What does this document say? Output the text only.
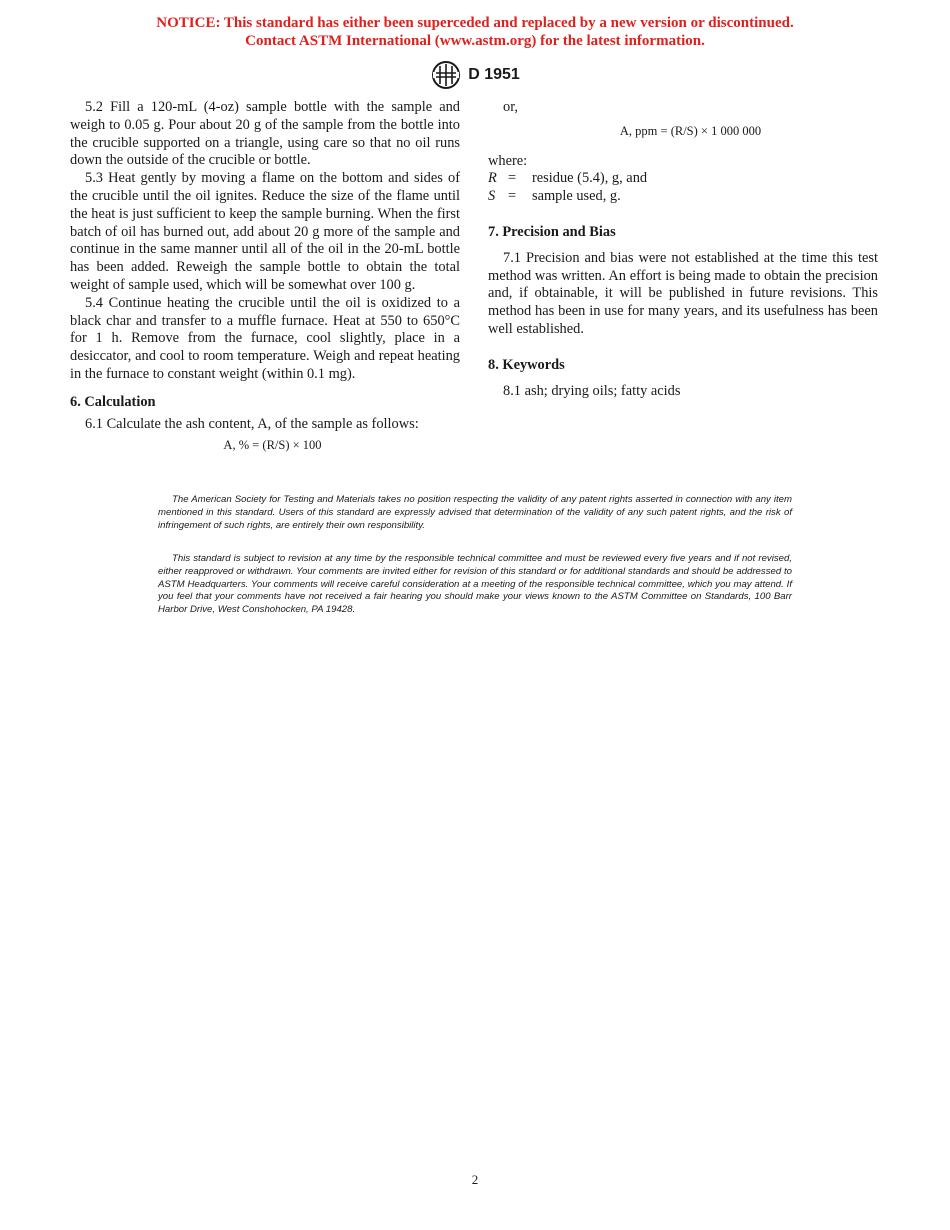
NOTICE: This standard has either been superceded and replaced by a new version or discontinued.
Contact ASTM International (www.astm.org) for the latest information.
D 1951

5.2 Fill a 120-mL (4-oz) sample bottle with the sample and weigh to 0.05 g. Pour about 20 g of the sample from the bottle into the crucible supported on a triangle, using care so that no oil runs down the outside of the crucible or bottle.

5.3 Heat gently by moving a flame on the bottom and sides of the crucible until the oil ignites. Reduce the size of the flame until the heat is just sufficient to keep the sample burning. When the first batch of oil has burned out, add about 20 g more of the sample and continue in the same manner until all of the oil in the 20-mL bottle has been added. Reweigh the sample bottle to obtain the total weight of sample used, which will be somewhat over 100 g.

5.4 Continue heating the crucible until the oil is oxidized to a black char and transfer to a muffle furnace. Heat at 550 to 650°C for 1 h. Remove from the furnace, cool slightly, place in a desiccator, and cool to room temperature. Weigh and repeat heating in the furnace to constant weight (within 0.1 mg).

6. Calculation

6.1 Calculate the ash content, A, of the sample as follows:

A, % = (R/S) × 100

or,

A, ppm = (R/S) × 1 000 000

where:

R =	residue (5.4), g, and
S =	sample used, g.

7. Precision and Bias

7.1 Precision and bias were not established at the time this test method was written. An effort is being made to obtain the precision and, if obtainable, it will be published in future revisions. This method has been in use for many years, and its usefulness has been well established.

8. Keywords

8.1 ash; drying oils; fatty acids

The American Society for Testing and Materials takes no position respecting the validity of any patent rights asserted in connection with any item mentioned in this standard. Users of this standard are expressly advised that determination of the validity of any such patent rights, and the risk of infringement of such rights, are entirely their own responsibility.

This standard is subject to revision at any time by the responsible technical committee and must be reviewed every five years and if not revised, either reapproved or withdrawn. Your comments are invited either for revision of this standard or for additional standards and should be addressed to ASTM Headquarters. Your comments will receive careful consideration at a meeting of the responsible technical committee, which you may attend. If you feel that your comments have not received a fair hearing you should make your views known to the ASTM Committee on Standards, 100 Barr Harbor Drive, West Conshohocken, PA 19428.

2
